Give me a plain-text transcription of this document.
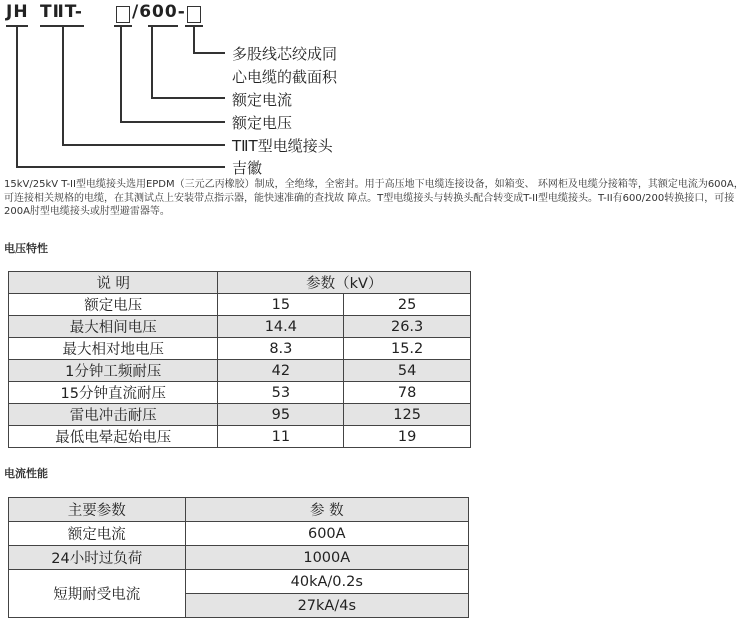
JH TⅡT-	/600-
多股线芯绞成同
心电缆的截面积
额定电流
额定电压
TⅡT型电缆接头
吉徽
15kV/25kV T-II型电缆接头选用EPDM（三元乙丙橡胶）制成，全绝缘，全密封。用于高压地下电缆连接设备，如箱变、 环网柜及电缆分接箱等，其额定电流为600A，可连接相关规格的电缆，在其测试点上安装带点指示器，能快速准确的查找故 障点。T型电缆接头与转换头配合转变成T-II型电缆接头。T-II有600/200转换接口，可接200A肘型电缆接头或肘型避雷器等。
电压特性
说 明	参数（kV）	
额定电压	15	25
最大相间电压	14.4	26.3
最大相对地电压	8.3	15.2
1分钟工频耐压	42	54
15分钟直流耐压	53	78
雷电冲击耐压	95	125
最低电晕起始电压	11	19
电流性能
主要参数	参 数
额定电流	600A
24小时过负荷	1000A
短期耐受电流	40kA/0.2s
	27kA/4s
